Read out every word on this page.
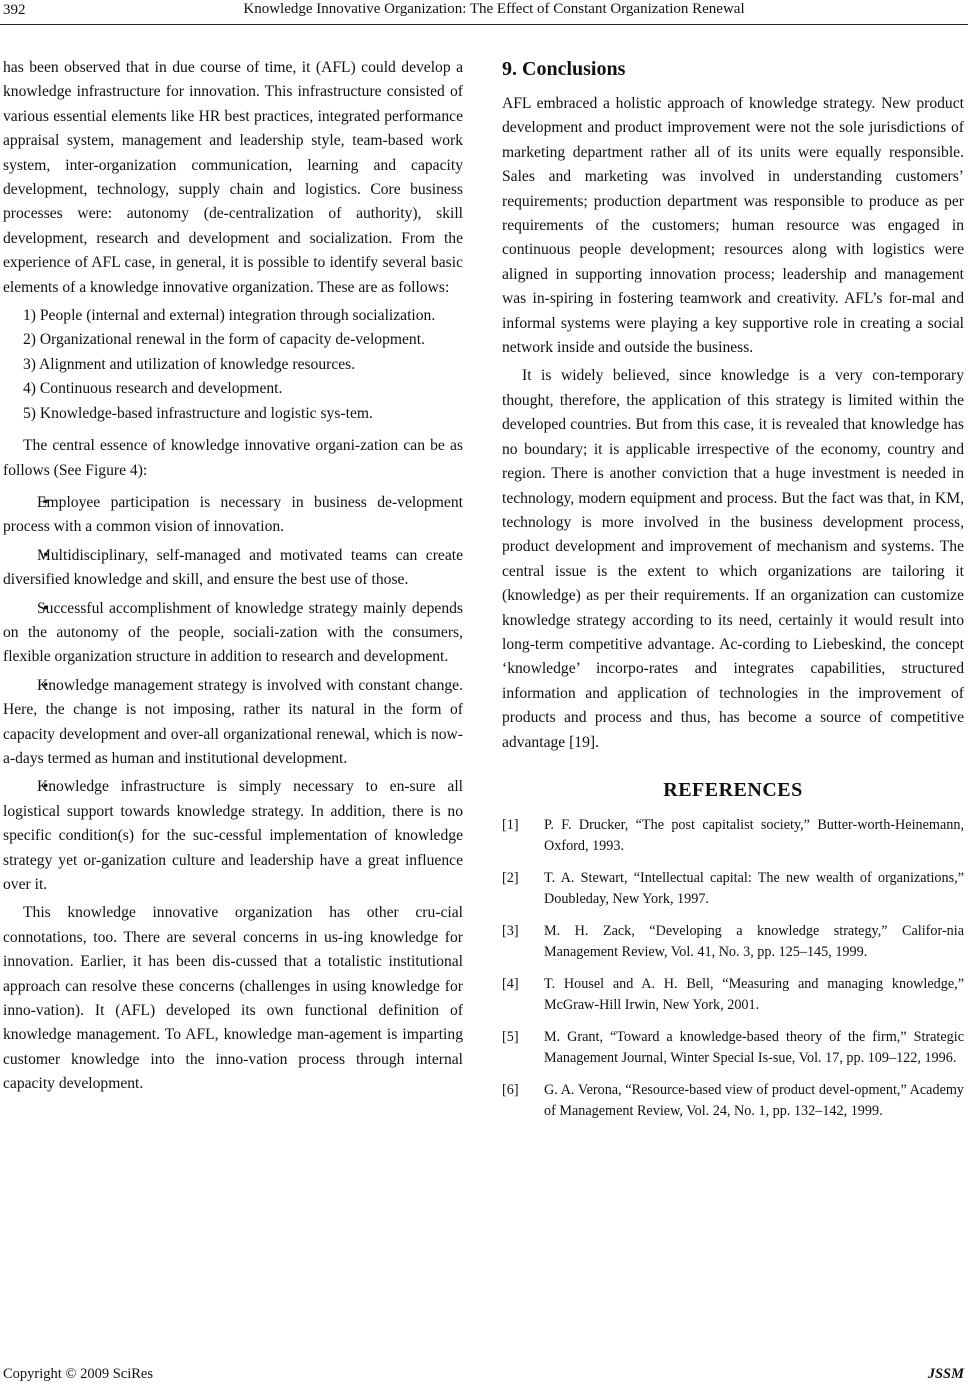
392	Knowledge Innovative Organization: The Effect of Constant Organization Renewal

has been observed that in due course of time, it (AFL) could develop a knowledge infrastructure for innovation. This infrastructure consisted of various essential elements like HR best practices, integrated performance appraisal system, management and leadership style, team-based work system, inter-organization communication, learning and capacity development, technology, supply chain and logistics. Core business processes were: autonomy (de-centralization of authority), skill development, research and development and socialization. From the experience of AFL case, in general, it is possible to identify several basic elements of a knowledge innovative organization. These are as follows:

1) People (internal and external) integration through socialization.

2) Organizational renewal in the form of capacity de-velopment.

3) Alignment and utilization of knowledge resources.

4) Continuous research and development.

5) Knowledge-based infrastructure and logistic sys-tem.

The central essence of knowledge innovative organi-zation can be as follows (See Figure 4):

• Employee participation is necessary in business de-velopment process with a common vision of innovation.

• Multidisciplinary, self-managed and motivated teams can create diversified knowledge and skill, and ensure the best use of those.

• Successful accomplishment of knowledge strategy mainly depends on the autonomy of the people, sociali-zation with the consumers, flexible organization structure in addition to research and development.

• Knowledge management strategy is involved with constant change. Here, the change is not imposing, rather its natural in the form of capacity development and over-all organizational renewal, which is now-a-days termed as human and institutional development.

• Knowledge infrastructure is simply necessary to en-sure all logistical support towards knowledge strategy. In addition, there is no specific condition(s) for the suc-cessful implementation of knowledge strategy yet or-ganization culture and leadership have a great influence over it.

This knowledge innovative organization has other cru-cial connotations, too. There are several concerns in us-ing knowledge for innovation. Earlier, it has been dis-cussed that a totalistic institutional approach can resolve these concerns (challenges in using knowledge for inno-vation). It (AFL) developed its own functional definition of knowledge management. To AFL, knowledge man-agement is imparting customer knowledge into the inno-vation process through internal capacity development.

9. Conclusions

AFL embraced a holistic approach of knowledge strategy. New product development and product improvement were not the sole jurisdictions of marketing department rather all of its units were equally responsible. Sales and marketing was involved in understanding customers’ requirements; production department was responsible to produce as per requirements of the customers; human resource was engaged in continuous people development; resources along with logistics were aligned in supporting innovation process; leadership and management was in-spiring in fostering teamwork and creativity. AFL’s for-mal and informal systems were playing a key supportive role in creating a social network inside and outside the business.

It is widely believed, since knowledge is a very con-temporary thought, therefore, the application of this strategy is limited within the developed countries. But from this case, it is revealed that knowledge has no boundary; it is applicable irrespective of the economy, country and region. There is another conviction that a huge investment is needed in technology, modern equipment and process. But the fact was that, in KM, technology is more involved in the business development process, product development and improvement of mechanism and systems. The central issue is the extent to which organizations are tailoring it (knowledge) as per their requirements. If an organization can customize knowledge strategy according to its need, certainly it would result into long-term competitive advantage. Ac-cording to Liebeskind, the concept ‘knowledge’ incorpo-rates and integrates capabilities, structured information and application of technologies in the improvement of products and process and thus, has become a source of competitive advantage [19].

REFERENCES
[1]	P. F. Drucker, “The post capitalist society,” Butter-worth-Heinemann, Oxford, 1993.
[2]	T. A. Stewart, “Intellectual capital: The new wealth of organizations,” Doubleday, New York, 1997.
[3]	M. H. Zack, “Developing a knowledge strategy,” Califor-nia Management Review, Vol. 41, No. 3, pp. 125–145, 1999.
[4]	T. Housel and A. H. Bell, “Measuring and managing knowledge,” McGraw-Hill Irwin, New York, 2001.
[5]	M. Grant, “Toward a knowledge-based theory of the firm,” Strategic Management Journal, Winter Special Is-sue, Vol. 17, pp. 109–122, 1996.
[6]	G. A. Verona, “Resource-based view of product devel-opment,” Academy of Management Review, Vol. 24, No. 1, pp. 132–142, 1999.
Copyright © 2009 SciRes	JSSM
